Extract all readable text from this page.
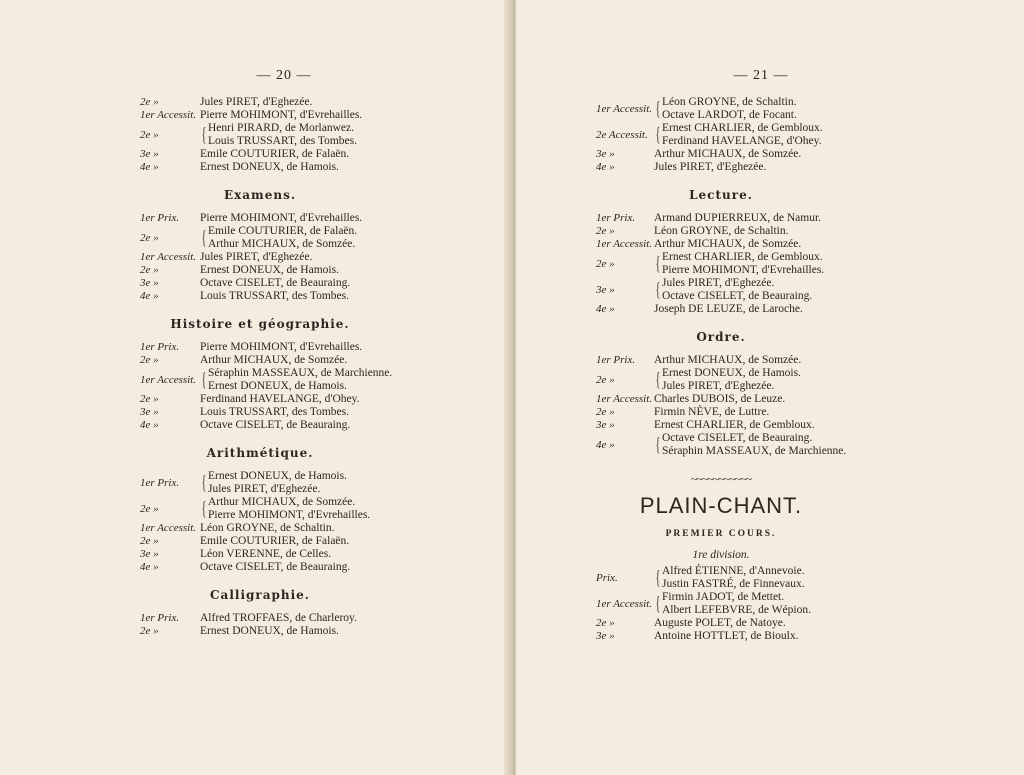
— 20 —
2e »	Jules PIRET, d'Eghezée.
1er Accessit. Pierre MOHIMONT, d'Evrehailles.
2e »	{ Henri PIRARD, de Morlanwez.
Louis TRUSSART, des Tombes.
3e »	Emile COUTURIER, de Falaën.
4e »	Ernest DONEUX, de Hamois.
Examens.
1er Prix.	Pierre MOHIMONT, d'Evrehailles.
2e »	{ Emile COUTURIER, de Falaën.
Arthur MICHAUX, de Somzée.
1er Accessit. Jules PIRET, d'Eghezée.
2e »	Ernest DONEUX, de Hamois.
3e »	Octave CISELET, de Beauraing.
4e »	Louis TRUSSART, des Tombes.
Histoire et géographie.
1er Prix.	Pierre MOHIMONT, d'Evrehailles.
2e »	Arthur MICHAUX, de Somzée.
1er Accessit. { Séraphin MASSEAUX, de Marchienne.
Ernest DONEUX, de Hamois.
2e »	Ferdinand HAVELANGE, d'Ohey.
3e »	Louis TRUSSART, des Tombes.
4e »	Octave CISELET, de Beauraing.
Arithmétique.
1er Prix.	{ Ernest DONEUX, de Hamois.
Jules PIRET, d'Eghezée.
2e »	{ Arthur MICHAUX, de Somzée.
Pierre MOHIMONT, d'Evrehailles.
1er Accessit. Léon GROYNE, de Schaltin.
2e »	Emile COUTURIER, de Falaën.
3e »	Léon VERENNE, de Celles.
4e »	Octave CISELET, de Beauraing.
Calligraphie.
1er Prix.	Alfred TROFFAES, de Charleroy.
2e »	Ernest DONEUX, de Hamois.
— 21 —
1er Accessit. { Léon GROYNE, de Schaltin.
Octave LARDOT, de Focant.
2e Accessit. { Ernest CHARLIER, de Gembloux.
Ferdinand HAVELANGE, d'Ohey.
3e »	Arthur MICHAUX, de Somzée.
4e »	Jules PIRET, d'Eghezée.
Lecture.
1er Prix.	Armand DUPIERREUX, de Namur.
2e »	Léon GROYNE, de Schaltin.
1er Accessit. Arthur MICHAUX, de Somzée.
2e »	{ Ernest CHARLIER, de Gembloux.
Pierre MOHIMONT, d'Evrehailles.
3e »	{ Jules PIRET, d'Eghezée.
Octave CISELET, de Beauraing.
4e »	Joseph DE LEUZE, de Laroche.
Ordre.
1er Prix.	Arthur MICHAUX, de Somzée.
2e »	{ Ernest DONEUX, de Hamois.
Jules PIRET, d'Eghezée.
1er Accessit. Charles DUBOIS, de Leuze.
2e »	Firmin NÈVE, de Luttre.
3e »	Ernest CHARLIER, de Gembloux.
4e »	{ Octave CISELET, de Beauraing.
Séraphin MASSEAUX, de Marchienne.
~~~~~~~~~~~
PLAIN-CHANT.
PREMIER COURS.
1re division.
Prix.	{ Alfred ÉTIENNE, d'Annevoie.
Justin FASTRÉ, de Finnevaux.
1er Accessit. { Firmin JADOT, de Mettet.
Albert LEFEBVRE, de Wépion.
2e »	Auguste POLET, de Natoye.
3e »	Antoine HOTTLET, de Bioulx.
